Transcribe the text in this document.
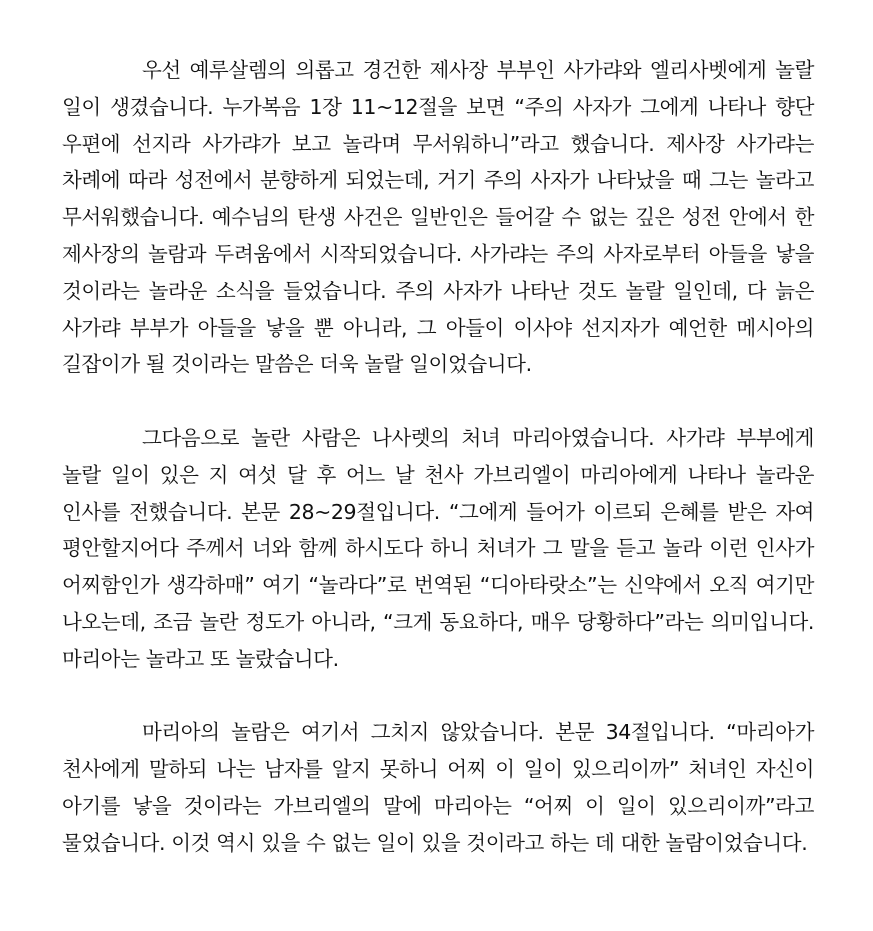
우선 예루살렘의 의롭고 경건한 제사장 부부인 사가랴와 엘리사벳에게 놀랄 일이 생겼습니다. 누가복음 1장 11~12절을 보면 “주의 사자가 그에게 나타나 향단 우편에 선지라 사가랴가 보고 놀라며 무서워하니”라고 했습니다. 제사장 사가랴는 차례에 따라 성전에서 분향하게 되었는데, 거기 주의 사자가 나타났을 때 그는 놀라고 무서워했습니다. 예수님의 탄생 사건은 일반인은 들어갈 수 없는 깊은 성전 안에서 한 제사장의 놀람과 두려움에서 시작되었습니다. 사가랴는 주의 사자로부터 아들을 낳을 것이라는 놀라운 소식을 들었습니다. 주의 사자가 나타난 것도 놀랄 일인데, 다 늙은 사가랴 부부가 아들을 낳을 뿐 아니라, 그 아들이 이사야 선지자가 예언한 메시아의 길잡이가 될 것이라는 말씀은 더욱 놀랄 일이었습니다.

그다음으로 놀란 사람은 나사렛의 처녀 마리아였습니다. 사가랴 부부에게 놀랄 일이 있은 지 여섯 달 후 어느 날 천사 가브리엘이 마리아에게 나타나 놀라운 인사를 전했습니다. 본문 28~29절입니다. “그에게 들어가 이르되 은혜를 받은 자여 평안할지어다 주께서 너와 함께 하시도다 하니 처녀가 그 말을 듣고 놀라 이런 인사가 어찌함인가 생각하매” 여기 “놀라다”로 번역된 “디아타랏소”는 신약에서 오직 여기만 나오는데, 조금 놀란 정도가 아니라, “크게 동요하다, 매우 당황하다”라는 의미입니다. 마리아는 놀라고 또 놀랐습니다.

마리아의 놀람은 여기서 그치지 않았습니다. 본문 34절입니다. “마리아가 천사에게 말하되 나는 남자를 알지 못하니 어찌 이 일이 있으리이까” 처녀인 자신이 아기를 낳을 것이라는 가브리엘의 말에 마리아는 “어찌 이 일이 있으리이까”라고 물었습니다. 이것 역시 있을 수 없는 일이 있을 것이라고 하는 데 대한 놀람이었습니다.
